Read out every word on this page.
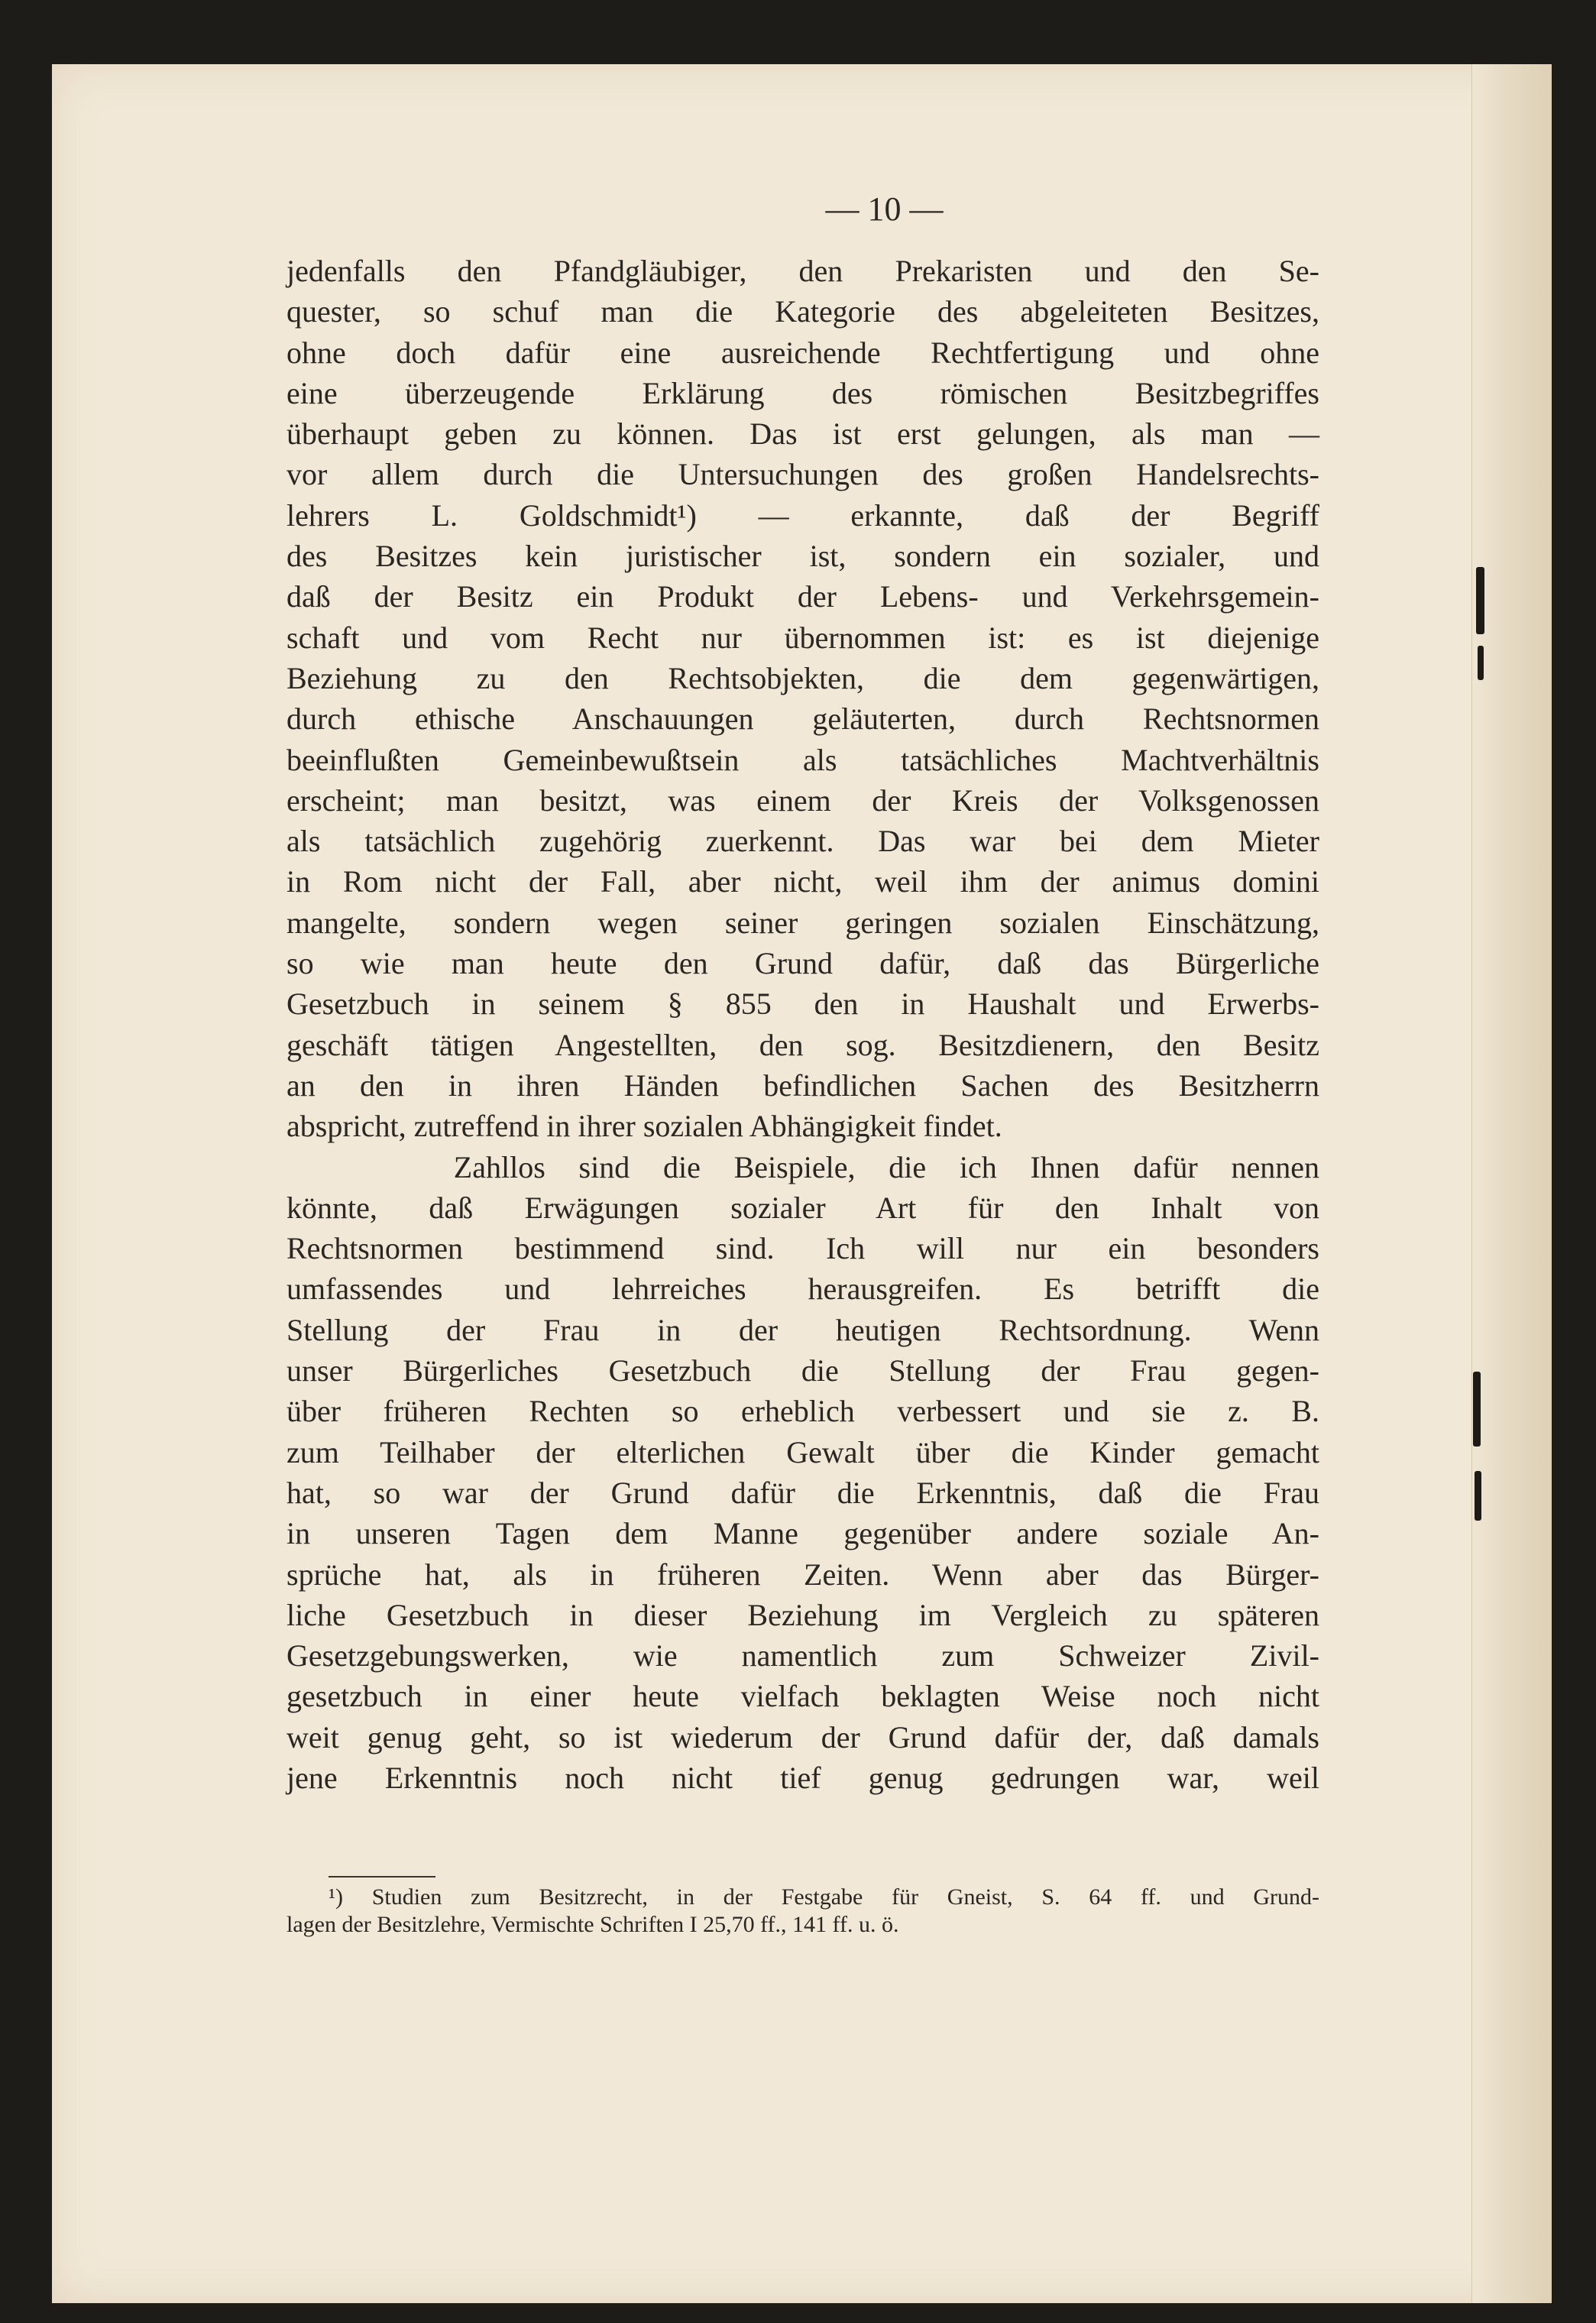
— 10 —
jedenfalls den Pfandgläubiger, den Prekaristen und den Se-
quester, so schuf man die Kategorie des abgeleiteten Besitzes,
ohne doch dafür eine ausreichende Rechtfertigung und ohne
eine überzeugende Erklärung des römischen Besitzbegriffes
überhaupt geben zu können. Das ist erst gelungen, als man —
vor allem durch die Untersuchungen des großen Handelsrechts-
lehrers L. Goldschmidt¹) — erkannte, daß der Begriff
des Besitzes kein juristischer ist, sondern ein sozialer, und
daß der Besitz ein Produkt der Lebens- und Verkehrsgemein-
schaft und vom Recht nur übernommen ist: es ist diejenige
Beziehung zu den Rechtsobjekten, die dem gegenwärtigen,
durch ethische Anschauungen geläuterten, durch Rechtsnormen
beeinflußten Gemeinbewußtsein als tatsächliches Machtverhältnis
erscheint; man besitzt, was einem der Kreis der Volksgenossen
als tatsächlich zugehörig zuerkennt. Das war bei dem Mieter
in Rom nicht der Fall, aber nicht, weil ihm der animus domini
mangelte, sondern wegen seiner geringen sozialen Einschätzung,
so wie man heute den Grund dafür, daß das Bürgerliche
Gesetzbuch in seinem § 855 den in Haushalt und Erwerbs-
geschäft tätigen Angestellten, den sog. Besitzdienern, den Besitz
an den in ihren Händen befindlichen Sachen des Besitzherrn
abspricht, zutreffend in ihrer sozialen Abhängigkeit findet.
Zahllos sind die Beispiele, die ich Ihnen dafür nennen
könnte, daß Erwägungen sozialer Art für den Inhalt von
Rechtsnormen bestimmend sind. Ich will nur ein besonders
umfassendes und lehrreiches herausgreifen. Es betrifft die
Stellung der Frau in der heutigen Rechtsordnung. Wenn
unser Bürgerliches Gesetzbuch die Stellung der Frau gegen-
über früheren Rechten so erheblich verbessert und sie z. B.
zum Teilhaber der elterlichen Gewalt über die Kinder gemacht
hat, so war der Grund dafür die Erkenntnis, daß die Frau
in unseren Tagen dem Manne gegenüber andere soziale An-
sprüche hat, als in früheren Zeiten. Wenn aber das Bürger-
liche Gesetzbuch in dieser Beziehung im Vergleich zu späteren
Gesetzgebungswerken, wie namentlich zum Schweizer Zivil-
gesetzbuch in einer heute vielfach beklagten Weise noch nicht
weit genug geht, so ist wiederum der Grund dafür der, daß damals
jene Erkenntnis noch nicht tief genug gedrungen war, weil
¹) Studien zum Besitzrecht, in der Festgabe für Gneist, S. 64 ff. und Grund-
lagen der Besitzlehre, Vermischte Schriften I 25,70 ff., 141 ff. u. ö.
